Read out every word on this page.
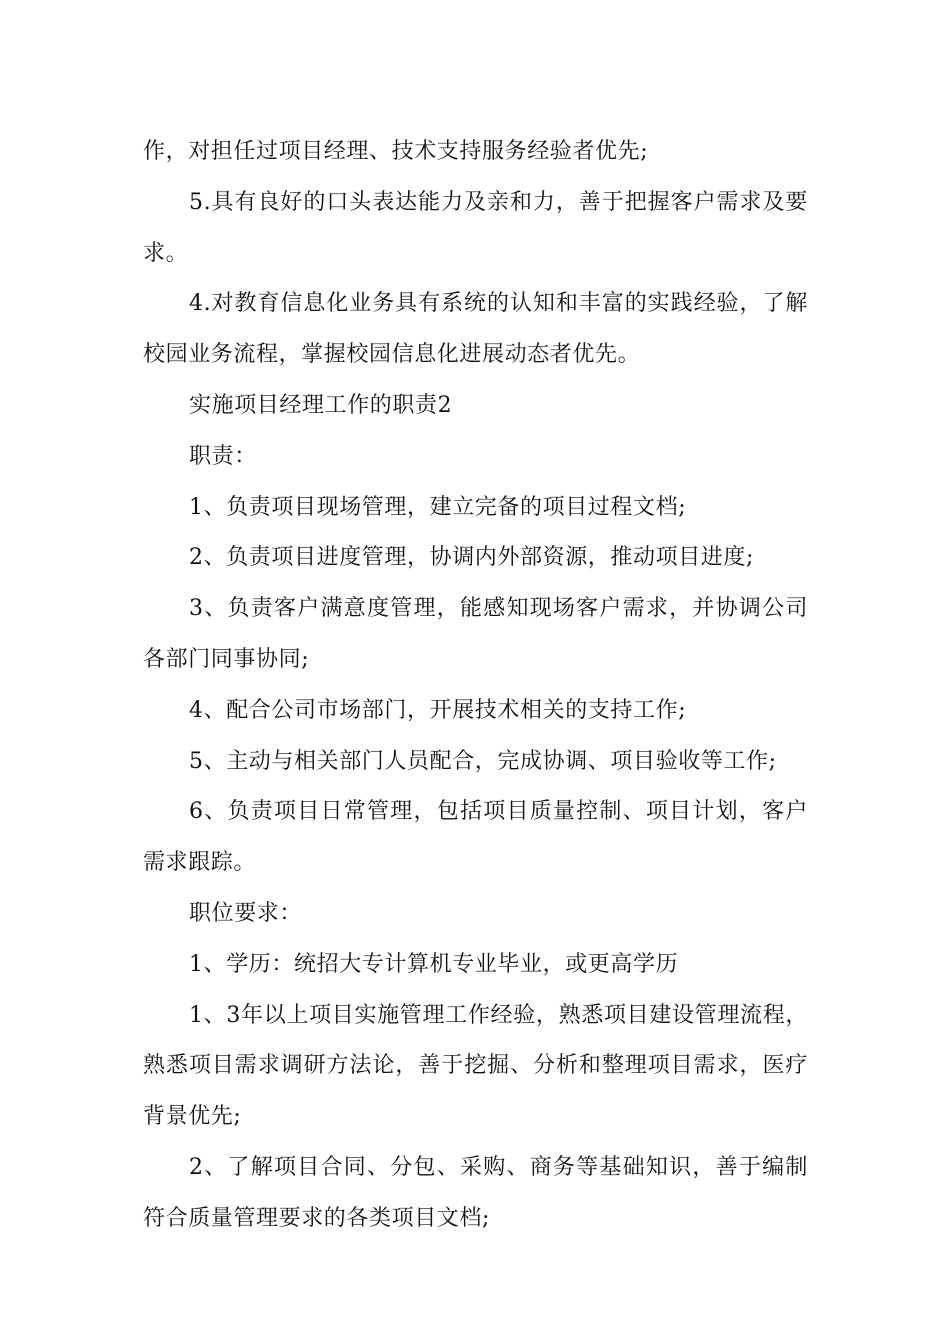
作，对担任过项目经理、技术支持服务经验者优先;

5.具有良好的口头表达能力及亲和力，善于把握客户需求及要求。

4.对教育信息化业务具有系统的认知和丰富的实践经验，了解校园业务流程，掌握校园信息化进展动态者优先。

实施项目经理工作的职责2

职责：

1、负责项目现场管理，建立完备的项目过程文档;

2、负责项目进度管理，协调内外部资源，推动项目进度;

3、负责客户满意度管理，能感知现场客户需求，并协调公司各部门同事协同;

4、配合公司市场部门，开展技术相关的支持工作;

5、主动与相关部门人员配合，完成协调、项目验收等工作;

6、负责项目日常管理，包括项目质量控制、项目计划，客户需求跟踪。

职位要求：

1、学历：统招大专计算机专业毕业，或更高学历

1、3年以上项目实施管理工作经验，熟悉项目建设管理流程，熟悉项目需求调研方法论，善于挖掘、分析和整理项目需求，医疗背景优先;

2、了解项目合同、分包、采购、商务等基础知识，善于编制符合质量管理要求的各类项目文档;
